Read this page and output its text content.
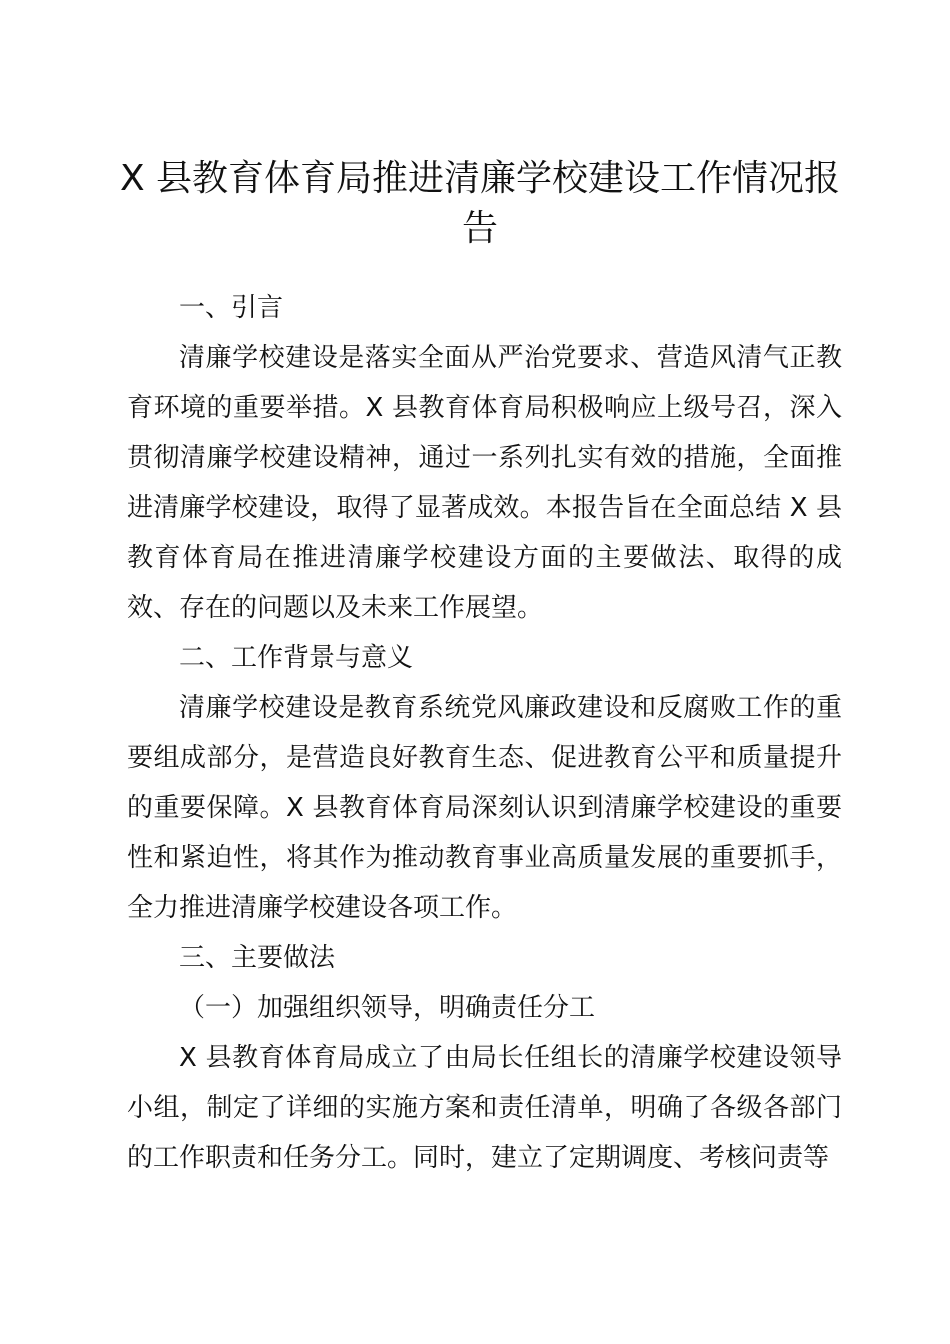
X 县教育体育局推进清廉学校建设工作情况报告

一、引言

清廉学校建设是落实全面从严治党要求、营造风清气正教育环境的重要举措。X 县教育体育局积极响应上级号召，深入贯彻清廉学校建设精神，通过一系列扎实有效的措施，全面推进清廉学校建设，取得了显著成效。本报告旨在全面总结 X 县教育体育局在推进清廉学校建设方面的主要做法、取得的成效、存在的问题以及未来工作展望。

二、工作背景与意义

清廉学校建设是教育系统党风廉政建设和反腐败工作的重要组成部分，是营造良好教育生态、促进教育公平和质量提升的重要保障。X 县教育体育局深刻认识到清廉学校建设的重要性和紧迫性，将其作为推动教育事业高质量发展的重要抓手，全力推进清廉学校建设各项工作。

三、主要做法

（一）加强组织领导，明确责任分工

X 县教育体育局成立了由局长任组长的清廉学校建设领导小组，制定了详细的实施方案和责任清单，明确了各级各部门的工作职责和任务分工。同时，建立了定期调度、考核问责等
